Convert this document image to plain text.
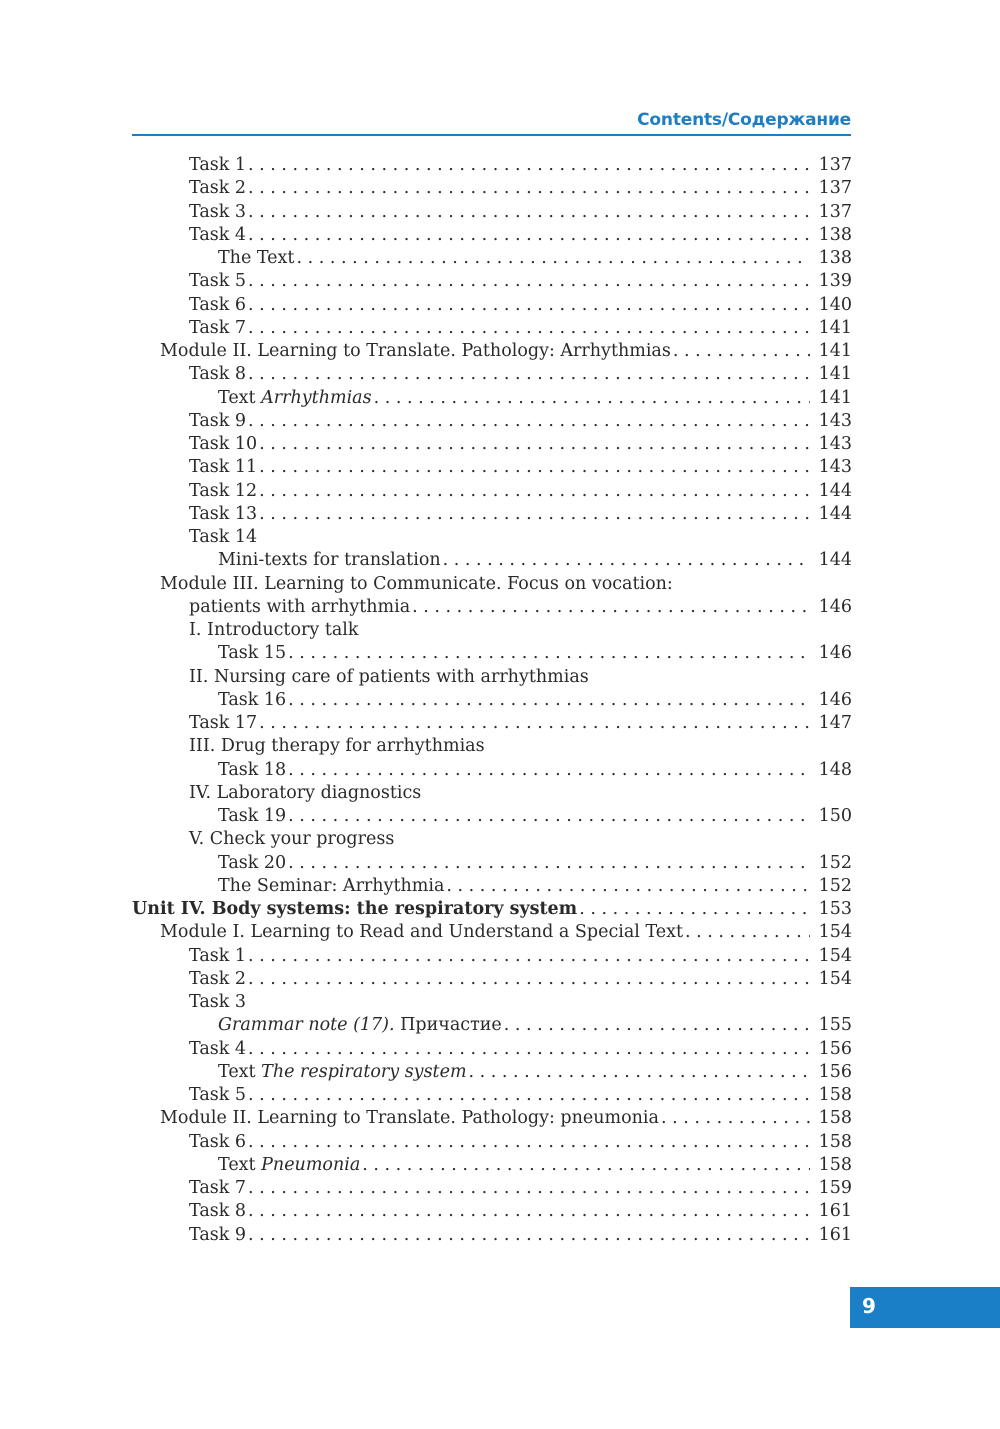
Contents/Содержание
Task 1 . . .	137
Task 2 . . .	137
Task 3 . . .	137
Task 4 . . .	138
The Text . . .	138
Task 5 . . .	139
Task 6 . . .	140
Task 7 . . .	141
Module II. Learning to Translate. Pathology: Arrhythmias . . .	141
Task 8 . . .	141
Text Arrhythmias . . .	141
Task 9 . . .	143
Task 10 . . .	143
Task 11 . . .	143
Task 12 . . .	144
Task 13 . . .	144
Task 14
Mini-texts for translation . . .	144
Module III. Learning to Communicate. Focus on vocation:
patients with arrhythmia . . .	146
I. Introductory talk
Task 15 . . .	146
II. Nursing care of patients with arrhythmias
Task 16 . . .	146
Task 17 . . .	147
III. Drug therapy for arrhythmias
Task 18 . . .	148
IV. Laboratory diagnostics
Task 19 . . .	150
V. Check your progress
Task 20 . . .	152
The Seminar: Arrhythmia . . .	152
Unit IV. Body systems: the respiratory system . . .	153
Module I. Learning to Read and Understand a Special Text . . .	154
Task 1 . . .	154
Task 2 . . .	154
Task 3
Grammar note (17). Причастие . . .	155
Task 4 . . .	156
Text The respiratory system . . .	156
Task 5 . . .	158
Module II. Learning to Translate. Pathology: pneumonia . . .	158
Task 6 . . .	158
Text Pneumonia . . .	158
Task 7 . . .	159
Task 8 . . .	161
Task 9 . . .	161
9
